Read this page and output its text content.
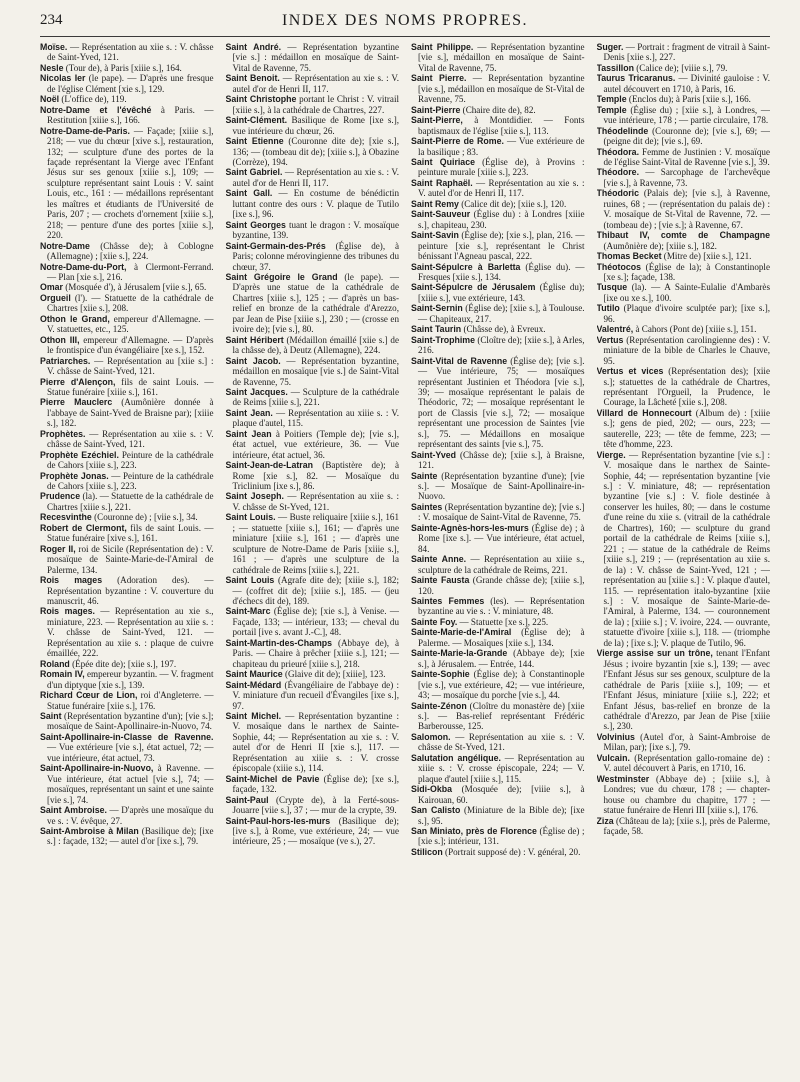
234	INDEX DES NOMS PROPRES.

Moïse. — Représentation au xiie s. : V. châsse de Saint-Yved, 121.

Nesle (Tour de), à Paris [xiiie s.], 164.

Nicolas Ier (le pape). — D'après une fresque de l'église Clément [xie s.], 129.

Noël (L'office de), 119.

Notre-Dame et l'évêché à Paris. — Restitution [xiiie s.], 166.

Notre-Dame-de-Paris. — Façade; [xiiie s.], 218; — vue du chœur [xive s.], restauration, 132; — sculpture d'une des portes de la façade représentant la Vierge avec l'Enfant Jésus sur ses genoux [xiiie s.], 109; — sculpture représentant saint Louis : V. saint Louis, etc., 161 : — médaillons représentant les maîtres et étudiants de l'Université de Paris, 207 ; — crochets d'ornement [xiiie s.], 218; — penture d'une des portes [xiiie s.], 220.

Notre-Dame (Châsse de); à Coblogne (Allemagne) ; [xiie s.], 224.

Notre-Dame-du-Port, à Clermont-Ferrand. — Plan [xie s.], 216.

Omar (Mosquée d'), à Jérusalem [viie s.], 65.

Orgueil (l'). — Statuette de la cathédrale de Chartres [xiie s.], 208.

Othon le Grand, empereur d'Allemagne. — V. statuettes, etc., 125.

Othon III, empereur d'Allemagne. — D'après le frontispice d'un évangéliaire [xe s.], 152.

Patriarches. — Représentation au [xiie s.] : V. châsse de Saint-Yved, 121.

Pierre d'Alençon, fils de saint Louis. — Statue funéraire [xiiie s.], 161.

Pierre Mauclerc (Aumônière donnée à l'abbaye de Saint-Yved de Braisne par); [xiiie s.], 182.

Prophètes. — Représentation au xiie s. : V. châsse de Saint-Yved, 121.

Prophète Ezéchiel. Peinture de la cathédrale de Cahors [xiiie s.], 223.

Prophète Jonas. — Peinture de la cathédrale de Cahors [xiiie s.], 223.

Prudence (la). — Statuette de la cathédrale de Chartres [xiiie s.], 221.

Recesvinthe (Couronne de) ; [viie s.], 34.

Robert de Clermont, fils de saint Louis. — Statue funéraire [xive s.], 161.

Roger II, roi de Sicile (Représentation de) : V. mosaïque de Sainte-Marie-de-l'Amiral de Palerme, 134.

Rois mages (Adoration des). — Représentation byzantine : V. couverture du manuscrit, 46.

Rois mages. — Représentation au xie s., miniature, 223. — Représentation au xiie s. : V. châsse de Saint-Yved, 121. — Représentation au xiie s. : plaque de cuivre émaillée, 222.

Roland (Épée dite de); [xiie s.], 197.

Romain IV, empereur byzantin. — V. fragment d'un diptyque [xie s.], 139.

Richard Cœur de Lion, roi d'Angleterre. — Statue funéraire [xiie s.], 176.

Saint (Représentation byzantine d'un); [vie s.]; mosaïque de Saint-Apollinaire-in-Nuovo, 74.

Saint-Apollinaire-in-Classe de Ravenne. — Vue extérieure [vie s.], état actuel, 72; — vue intérieure, état actuel, 73.

Saint-Apollinaire-in-Nuovo, à Ravenne. — Vue intérieure, état actuel [vie s.], 74; — mosaïques, représentant un saint et une sainte [vie s.], 74.

Saint Ambroise. — D'après une mosaïque du ve s. : V. évêque, 27.

Saint-Ambroise à Milan (Basilique de); [ixe s.] : façade, 132; — autel d'or [ixe s.], 79.

Saint André. — Représentation byzantine [vie s.] : médaillon en mosaïque de Saint-Vital de Ravenne, 75.

Saint Benoit. — Représentation au xie s. : V. autel d'or de Henri II, 117.

Saint Christophe portant le Christ : V. vitrail [xiiie s.], à la cathédrale de Chartres, 227.

Saint-Clément. Basilique de Rome [ixe s.], vue intérieure du chœur, 26.

Saint Etienne (Couronne dite de); [xie s.], 136; — (tombeau dit de); [xiiie s.], à Obazine (Corrèze), 194.

Saint Gabriel. — Représentation au xie s. : V. autel d'or de Henri II, 117.

Saint Gall. — En costume de bénédictin luttant contre des ours : V. plaque de Tutilo [ixe s.], 96.

Saint Georges tuant le dragon : V. mosaïque byzantine, 139.

Saint-Germain-des-Prés (Église de), à Paris; colonne mérovingienne des tribunes du chœur, 37.

Saint Grégoire le Grand (le pape). — D'après une statue de la cathédrale de Chartres [xiiie s.], 125 ; — d'après un bas-relief en bronze de la cathédrale d'Arezzo, par Jean de Pise [xiiie s.], 230 ; — (crosse en ivoire de); [vie s.], 80.

Saint Héribert (Médaillon émaillé [xiie s.] de la châsse de), à Deutz (Allemagne), 224.

Saint Jacob. — Représentation byzantine, médaillon en mosaïque [vie s.] de Saint-Vital de Ravenne, 75.

Saint Jacques. — Sculpture de la cathédrale de Reims [xiiie s.], 221.

Saint Jean. — Représentation au xiiie s. : V. plaque d'autel, 115.

Saint Jean à Poitiers (Temple de); [vie s.], état actuel, vue extérieure, 36. — Vue intérieure, état actuel, 36.

Saint-Jean-de-Latran (Baptistère de); à Rome [xie s.], 82. — Mosaïque du Triclinium [ixe s.], 86.

Saint Joseph. — Représentation au xiie s. : V. châsse de St-Yved, 121.

Saint Louis. — Buste reliquaire [xiiie s.], 161 ; — statuette [xiiie s.], 161; — d'après une miniature [xiiie s.], 161 ; — d'après une sculpture de Notre-Dame de Paris [xiiie s.], 161 ; — d'après une sculpture de la cathédrale de Reims [xiiie s.], 221.

Saint Louis (Agrafe dite de); [xiiie s.], 182; — (coffret dit de); [xiiie s.], 185. — (jeu d'échecs dit de), 189.

Saint-Marc (Église de); [xie s.], à Venise. — Façade, 133; — intérieur, 133; — cheval du portail [ive s. avant J.-C.], 48.

Saint-Martin-des-Champs (Abbaye de), à Paris. — Chaire à prêcher [xiiie s.], 121; — chapiteau du prieuré [xiiie s.], 218.

Saint Maurice (Glaive dit de); [xiiie], 123.

Saint-Médard (Évangéliaire de l'abbaye de) : V. miniature d'un recueil d'Évangiles [ixe s.], 97.

Saint Michel. — Représentation byzantine : V. mosaïque dans le narthex de Sainte-Sophie, 44; — Représentation au xie s. : V. autel d'or de Henri II [xie s.], 117. — Représentation au xiiie s. : V. crosse épiscopale (xiiie s.), 114.

Saint-Michel de Pavie (Église de); [xe s.], façade, 132.

Saint-Paul (Crypte de), à la Ferté-sous-Jouarre [viie s.], 37 ; — mur de la crypte, 39.

Saint-Paul-hors-les-murs (Basilique de); [ive s.], à Rome, vue extérieure, 24; — vue intérieure, 25 ; — mosaïque (ve s.), 27.

Saint Philippe. — Représentation byzantine [vie s.], médaillon en mosaïque de Saint-Vital de Ravenne, 75.

Saint Pierre. — Représentation byzantine [vie s.], médaillon en mosaïque de St-Vital de Ravenne, 75.

Saint-Pierre (Chaire dite de), 82.

Saint-Pierre, à Montdidier. — Fonts baptismaux de l'église [xiie s.], 113.

Saint-Pierre de Rome. — Vue extérieure de la basilique ; 83.

Saint Quiriace (Église de), à Provins : peinture murale [xiiie s.], 223.

Saint Raphaël. — Représentation au xie s. : V. autel d'or de Henri II, 117.

Saint Remy (Calice dit de); [xiie s.], 120.

Saint-Sauveur (Église du) : à Londres [xiiie s.], chapiteau, 230.

Saint-Savin (Église de); [xie s.], plan, 216. — peinture [xie s.], représentant le Christ bénissant l'Agneau pascal, 222.

Saint-Sépulcre à Barletta (Église du). — Fresques [xiie s.], 134.

Saint-Sépulcre de Jérusalem (Église du); [xiiie s.], vue extérieure, 143.

Saint-Sernin (Église de); [xiie s.], à Toulouse. — Chapiteaux, 217.

Saint Taurin (Châsse de), à Evreux.

Saint-Trophime (Cloître de); [xiie s.], à Arles, 216.

Saint-Vital de Ravenne (Église de); [vie s.]. — Vue intérieure, 75; — mosaïques représentant Justinien et Théodora [vie s.], 39; — mosaïque représentant le palais de Théodoric, 72; — mosaïque représentant le port de Classis [vie s.], 72; — mosaïque représentant une procession de Saintes [vie s.], 75. — Médaillons en mosaïque représentant des saints [vie s.], 75.

Saint-Yved (Châsse de); [xiie s.], à Braisne, 121.

Sainte (Représentation byzantine d'une); [vie s.]. — Mosaïque de Saint-Apollinaire-in-Nuovo.

Saintes (Représentation byzantine de); [vie s.] : V. mosaïque de Saint-Vital de Ravenne, 75.

Sainte-Agnès-hors-les-murs (Église de) ; à Rome [ixe s.]. — Vue intérieure, état actuel, 84.

Sainte Anne. — Représentation au xiiie s., sculpture de la cathédrale de Reims, 221.

Sainte Fausta (Grande châsse de); [xiiie s.], 120.

Saintes Femmes (les). — Représentation byzantine au vie s. : V. miniature, 48.

Sainte Foy. — Statuette [xe s.], 225.

Sainte-Marie-de-l'Amiral (Église de); à Palerme. — Mosaïques [xiie s.], 134.

Sainte-Marie-la-Grande (Abbaye de); [xie s.], à Jérusalem. — Entrée, 144.

Sainte-Sophie (Église de); à Constantinople [vie s.], vue extérieure, 42; — vue intérieure, 43; — mosaïque du porche [vie s.], 44.

Sainte-Zénon (Cloître du monastère de) [xiie s.]. — Bas-relief représentant Frédéric Barberousse, 125.

Salomon. — Représentation au xiie s. : V. châsse de St-Yved, 121.

Salutation angélique. — Représentation au xiiie s. : V. crosse épiscopale, 224; — V. plaque d'autel [xiiie s.], 115.

Sidi-Okba (Mosquée de); [viiie s.], à Kairouan, 60.

San Calisto (Miniature de la Bible de); [ixe s.], 95.

San Miniato, près de Florence (Église de) ; [xie s.]; intérieur, 131.

Stilicon (Portrait supposé de) : V. général, 20.

Suger. — Portrait : fragment de vitrail à Saint-Denis [xiie s.], 227.

Tassillon (Calice de); [viiie s.], 79.

Taurus Tricaranus. — Divinité gauloise : V. autel découvert en 1710, à Paris, 16.

Temple (Enclos du); à Paris [xiie s.], 166.

Temple (Église du) ; [xiie s.], à Londres, — vue intérieure, 178 ; — partie circulaire, 178.

Théodelinde (Couronne de); [vie s.], 69; — (peigne dit de); [vie s.], 69.

Théodora. Femme de Justinien : V. mosaïque de l'église Saint-Vital de Ravenne [vie s.], 39.

Théodore. — Sarcophage de l'archevêque [vie s.], à Ravenne, 73.

Théodoric (Palais de); [vie s.], à Ravenne, ruines, 68 ; — (représentation du palais de) : V. mosaïque de St-Vital de Ravenne, 72. — (tombeau de) ; [vie s.]; à Ravenne, 67.

Thibaut IV, comte de Champagne (Aumônière de); [xiiie s.], 182.

Thomas Becket (Mitre de) [xiie s.], 121.

Théotocos (Église de la); à Constantinople [xe s.]; façade, 138.

Tusque (la). — A Sainte-Eulalie d'Ambarès [ixe ou xe s.], 100.

Tutilo (Plaque d'ivoire sculptée par); [ixe s.], 96.

Valentré, à Cahors (Pont de) [xiiie s.], 151.

Vertus (Représentation carolingienne des) : V. miniature de la bible de Charles le Chauve, 95.

Vertus et vices (Représentation des); [xiie s.]; statuettes de la cathédrale de Chartres, représentant l'Orgueil, la Prudence, le Courage, la Lâcheté [xiie s.], 208.

Villard de Honnecourt (Album de) : [xiiie s.]; gens de pied, 202; — ours, 223; — sauterelle, 223; — tête de femme, 223; — tête d'homme, 223.

Vierge. — Représentation byzantine [vie s.] : V. mosaïque dans le narthex de Sainte-Sophie, 44; — représentation byzantine [vie s.] : V. miniature, 48; — représentation byzantine [vie s.] : V. fiole destinée à conserver les huiles, 80; — dans le costume d'une reine du xiie s. (vitrail de la cathédrale de Chartres), 160; — sculpture du grand portail de la cathédrale de Reims [xiiie s.], 221 ; — statue de la cathédrale de Reims [xiiie s.], 219 ; — (représentation au xiie s. de la) : V. châsse de Saint-Yved, 121 ; — représentation au [xiiie s.] : V. plaque d'autel, 115. — représentation italo-byzantine [xiie s.] : V. mosaïque de Sainte-Marie-de-l'Amiral, à Palerme, 134. — couronnement de la) ; [xiiie s.] ; V. ivoire, 224. — ouvrante, statuette d'ivoire [xiiie s.], 118. — (triomphe de la) ; [ixe s.]; V. plaque de Tutilo, 96.

Vierge assise sur un trône, tenant l'Enfant Jésus ; ivoire byzantin [xie s.], 139; — avec l'Enfant Jésus sur ses genoux, sculpture de la cathédrale de Paris [xiiie s.], 109; — et l'Enfant Jésus, miniature [xiiie s.], 222; et Enfant Jésus, bas-relief en bronze de la cathédrale d'Arezzo, par Jean de Pise [xiiie s.], 230.

Volvinius (Autel d'or, à Saint-Ambroise de Milan, par); [ixe s.], 79.

Vulcain. (Représentation gallo-romaine de) : V. autel découvert à Paris, en 1710, 16.

Westminster (Abbaye de) ; [xiiie s.], à Londres; vue du chœur, 178 ; — chapter-house ou chambre du chapitre, 177 ; — statue funéraire de Henri III [xiiie s.], 176.

Ziza (Château de la); [xiie s.], près de Palerme, façade, 58.
